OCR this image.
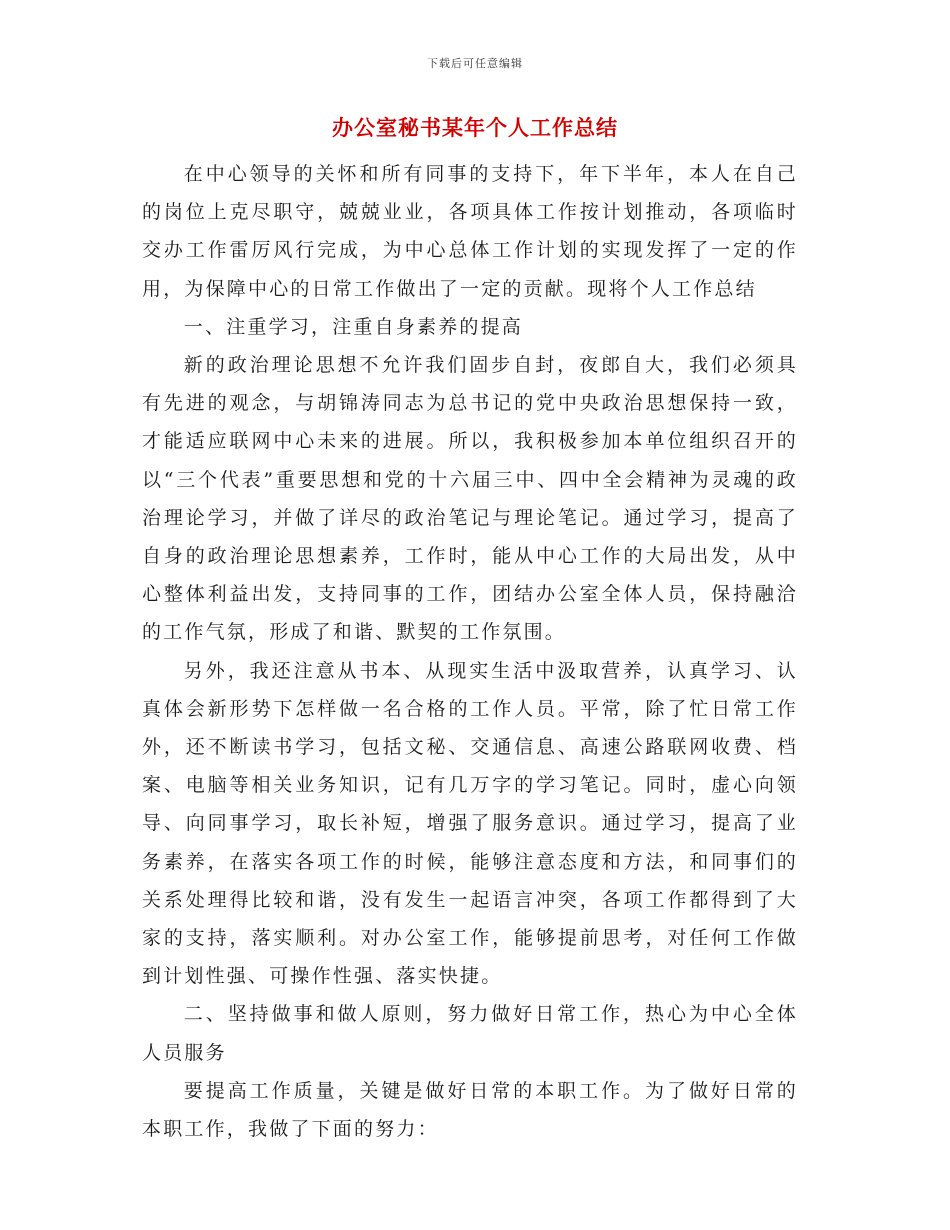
下载后可任意编辑
办公室秘书某年个人工作总结

在中心领导的关怀和所有同事的支持下，年下半年，本人在自己的岗位上克尽职守，兢兢业业，各项具体工作按计划推动，各项临时交办工作雷厉风行完成，为中心总体工作计划的实现发挥了一定的作用，为保障中心的日常工作做出了一定的贡献。现将个人工作总结

一、注重学习，注重自身素养的提高

新的政治理论思想不允许我们固步自封，夜郎自大，我们必须具有先进的观念，与胡锦涛同志为总书记的党中央政治思想保持一致，才能适应联网中心未来的进展。所以，我积极参加本单位组织召开的以“三个代表”重要思想和党的十六届三中、四中全会精神为灵魂的政治理论学习，并做了详尽的政治笔记与理论笔记。通过学习，提高了自身的政治理论思想素养，工作时，能从中心工作的大局出发，从中心整体利益出发，支持同事的工作，团结办公室全体人员，保持融洽的工作气氛，形成了和谐、默契的工作氛围。

另外，我还注意从书本、从现实生活中汲取营养，认真学习、认真体会新形势下怎样做一名合格的工作人员。平常，除了忙日常工作外，还不断读书学习，包括文秘、交通信息、高速公路联网收费、档案、电脑等相关业务知识，记有几万字的学习笔记。同时，虚心向领导、向同事学习，取长补短，增强了服务意识。通过学习，提高了业务素养，在落实各项工作的时候，能够注意态度和方法，和同事们的关系处理得比较和谐，没有发生一起语言冲突，各项工作都得到了大家的支持，落实顺利。对办公室工作，能够提前思考，对任何工作做到计划性强、可操作性强、落实快捷。

二、坚持做事和做人原则，努力做好日常工作，热心为中心全体人员服务

要提高工作质量，关键是做好日常的本职工作。为了做好日常的本职工作，我做了下面的努力：
